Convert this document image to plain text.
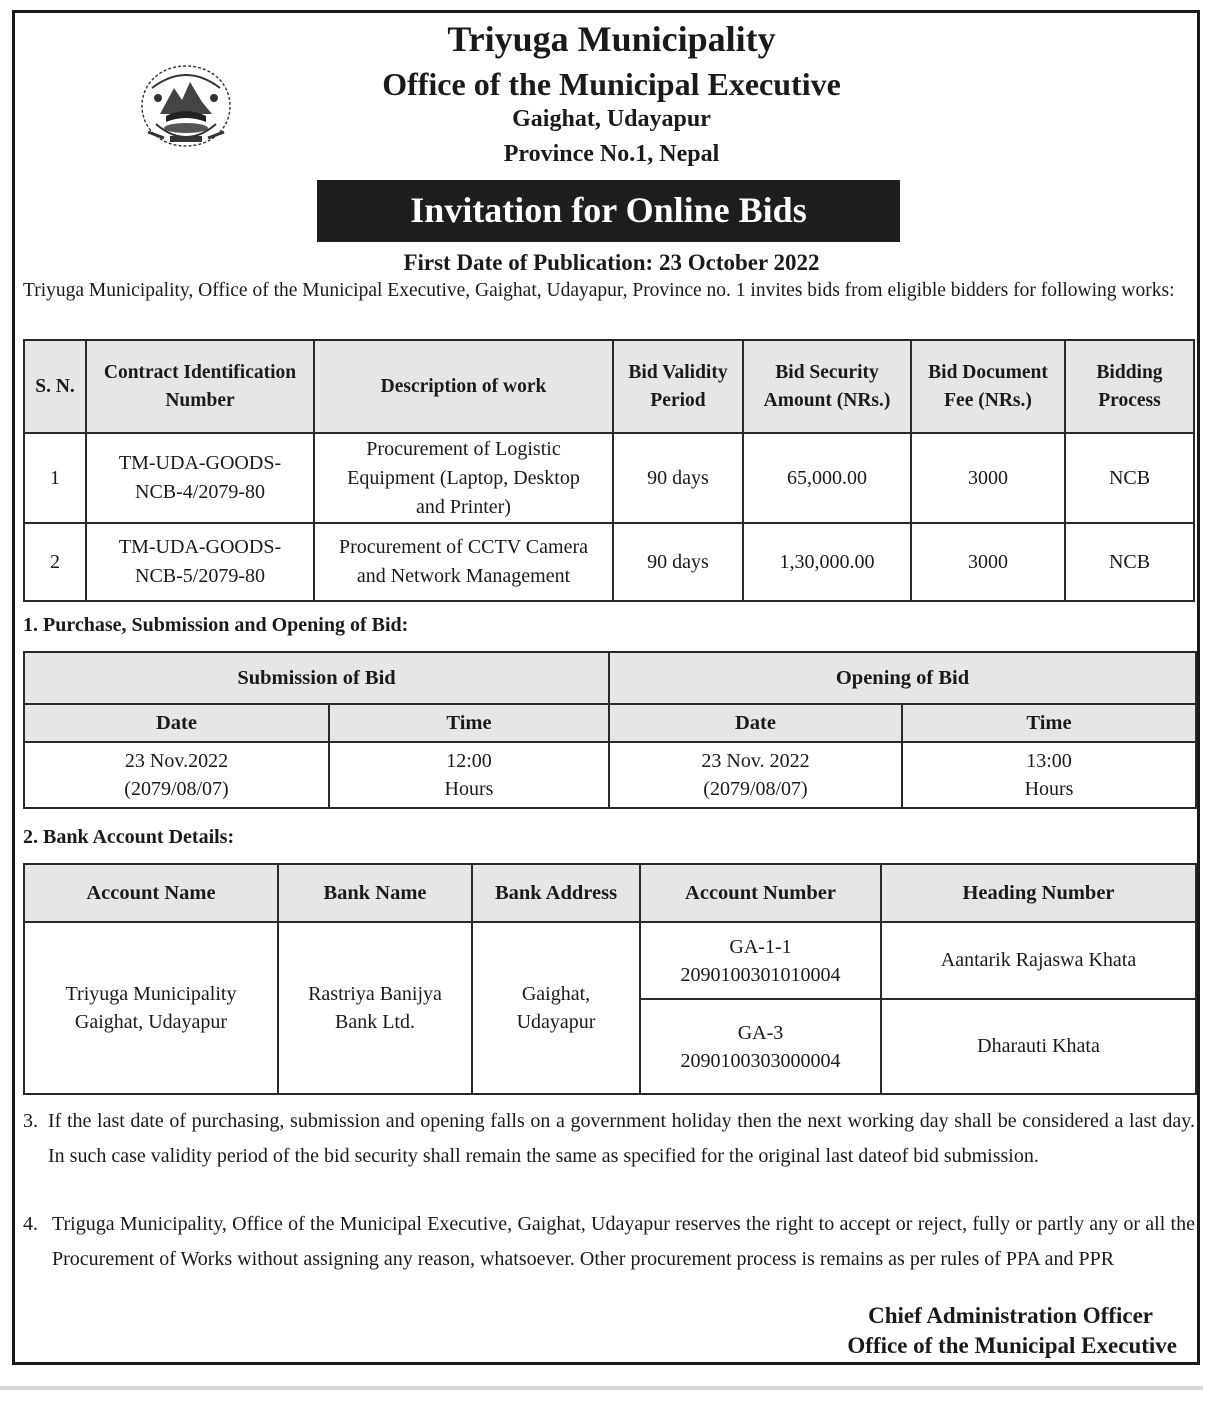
Triyuga Municipality
Office of the Municipal Executive
Gaighat, Udayapur
Province No.1, Nepal
Invitation for Online Bids
First Date of Publication: 23 October 2022
Triyuga Municipality, Office of the Municipal Executive, Gaighat, Udayapur, Province no. 1 invites bids from eligible bidders for following works:
S. N.	Contract Identification Number	Description of work	Bid Validity Period	Bid Security Amount (NRs.)	Bid Document Fee (NRs.)	Bidding Process
1	TM-UDA-GOODS-NCB-4/2079-80	Procurement of Logistic Equipment (Laptop, Desktop and Printer)	90 days	65,000.00	3000	NCB
2	TM-UDA-GOODS-NCB-5/2079-80	Procurement of CCTV Camera and Network Management	90 days	1,30,000.00	3000	NCB
1. Purchase, Submission and Opening of Bid:
Submission of Bid		Opening of Bid	
Date	Time	Date	Time
23 Nov.2022 (2079/08/07)	12:00 Hours	23 Nov. 2022 (2079/08/07)	13:00 Hours
2. Bank Account Details:
Account Name	Bank Name	Bank Address	Account Number	Heading Number
Triyuga Municipality Gaighat, Udayapur	Rastriya Banijya Bank Ltd.	Gaighat, Udayapur	GA-1-1 2090100301010004	Aantarik Rajaswa Khata
			GA-3 2090100303000004	Dharauti Khata
3. If the last date of purchasing, submission and opening falls on a government holiday then the next working day shall be considered a last day. In such case validity period of the bid security shall remain the same as specified for the original last dateof bid submission.
4. Triguga Municipality, Office of the Municipal Executive, Gaighat, Udayapur reserves the right to accept or reject, fully or partly any or all the Procurement of Works without assigning any reason, whatsoever. Other procurement process is remains as per rules of PPA and PPR
Chief Administration Officer
Office of the Municipal Executive
